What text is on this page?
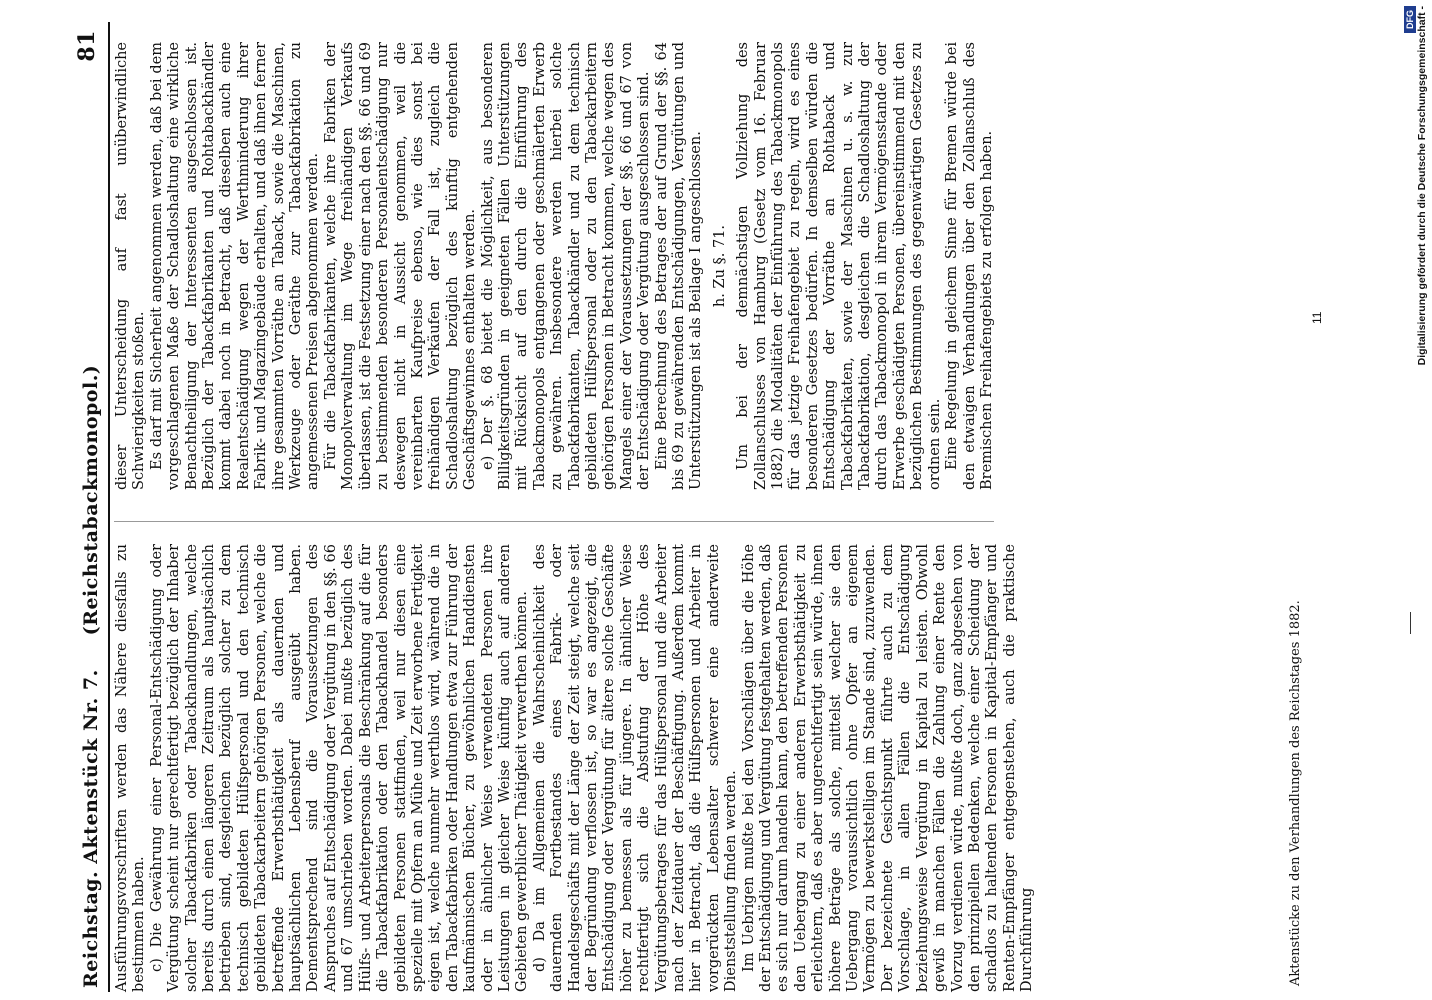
Reichstag. Aktenstück Nr. 7.
(Reichstabackmonopol.)
81

Ausführungsvorschriften werden das Nähere diesfalls zu bestimmen haben. c) Die Gewährung einer Personal-Entschädigung oder Vergütung scheint nur gerechtfertigt bezüglich der Inhaber solcher Tabackfabriken oder Tabackhandlungen, welche bereits durch einen längeren Zeitraum als hauptsächlich betrieben sind, desgleichen bezüglich solcher zu dem technisch gebildeten Hülfspersonal und den technisch gebildeten Tabackarbeitern gehörigen Personen, welche die betreffende Erwerbsthätigkeit als dauernden und hauptsächlichen Lebensberuf ausgeübt haben. Dementsprechend sind die Voraussetzungen des Anspruches auf Entschädigung oder Vergütung in den §§. 66 und 67 umschrieben worden. Dabei mußte bezüglich des Hülfs- und Arbeiterpersonals die Beschränkung auf die für die Tabackfabrikation oder den Tabackhandel besonders gebildeten Personen stattfinden, weil nur diesen eine spezielle mit Opfern an Mühe und Zeit erworbene Fertigkeit eigen ist, welche nunmehr werthlos wird, während die in den Tabackfabriken oder Handlungen etwa zur Führung der kaufmännischen Bücher, zu gewöhnlichen Handdiensten oder in ähnlicher Weise verwendeten Personen ihre Leistungen in gleicher Weise künftig auch auf anderen Gebieten gewerblicher Thätigkeit verwerthen können. d) Da im Allgemeinen die Wahrscheinlichkeit des dauernden Fortbestandes eines Fabrik- oder Handelsgeschäfts mit der Länge der Zeit steigt, welche seit der Begründung verflossen ist, so war es angezeigt, die Entschädigung oder Vergütung für ältere solche Geschäfte höher zu bemessen als für jüngere. In ähnlicher Weise rechtfertigt sich die Abstufung der Höhe des Vergütungsbetrages für das Hülfspersonal und die Arbeiter nach der Zeitdauer der Beschäftigung. Außerdem kommt hier in Betracht, daß die Hülfspersonen und Arbeiter in vorgerückten Lebensalter schwerer eine anderweite Dienststellung finden werden. Im Uebrigen mußte bei den Vorschlägen über die Höhe der Entschädigung und Vergütung festgehalten werden, daß es sich nur darum handeln kann, den betreffenden Personen den Uebergang zu einer anderen Erwerbsthätigkeit zu erleichtern, daß es aber ungerechtfertigt sein würde, ihnen höhere Beträge als solche, mittelst welcher sie den Uebergang voraussichtlich ohne Opfer an eigenem Vermögen zu bewerkstelligen im Stande sind, zuzuwenden. Der bezeichnete Gesichtspunkt führte auch zu dem Vorschlage, in allen Fällen die Entschädigung beziehungsweise Vergütung in Kapital zu leisten. Obwohl gewiß in manchen Fällen die Zahlung einer Rente den Vorzug verdienen würde, mußte doch, ganz abgesehen von den prinzipiellen Bedenken, welche einer Scheidung der schadlos zu haltenden Personen in Kapital-Empfänger und Renten-Empfänger entgegenstehen, auch die praktische Durchführung

dieser Unterscheidung auf fast unüberwindliche Schwierigkeiten stoßen. Es darf mit Sicherheit angenommen werden, daß bei dem vorgeschlagenen Maße der Schadloshaltung eine wirkliche Benachtheiligung der Interessenten ausgeschlossen ist. Bezüglich der Tabackfabrikanten und Rohtabackhändler kommt dabei noch in Betracht, daß dieselben auch eine Realentschädigung wegen der Werthminderung ihrer Fabrik- und Magazingebäude erhalten, und daß ihnen ferner ihre gesammten Vorräthe an Taback, sowie die Maschinen, Werkzeuge oder Geräthe zur Tabackfabrikation zu angemessenen Preisen abgenommen werden. Für die Tabackfabrikanten, welche ihre Fabriken der Monopolverwaltung im Wege freihändigen Verkaufs überlassen, ist die Festsetzung einer nach den §§. 66 und 69 zu bestimmenden besonderen Personalentschädigung nur deswegen nicht in Aussicht genommen, weil die vereinbarten Kaufpreise ebenso, wie dies sonst bei freihändigen Verkäufen der Fall ist, zugleich die Schadloshaltung bezüglich des künftig entgehenden Geschäftsgewinnes enthalten werden. e) Der §. 68 bietet die Möglichkeit, aus besonderen Billigkeitsgründen in geeigneten Fällen Unterstützungen mit Rücksicht auf den durch die Einführung des Tabackmonopols entgangenen oder geschmälerten Erwerb zu gewähren. Insbesondere werden hierbei solche Tabackfabrikanten, Tabackhändler und zu dem technisch gebildeten Hülfspersonal oder zu den Tabackarbeitern gehörigen Personen in Betracht kommen, welche wegen des Mangels einer der Voraussetzungen der §§. 66 und 67 von der Entschädigung oder Vergütung ausgeschlossen sind. Eine Berechnung des Betrages der auf Grund der §§. 64 bis 69 zu gewährenden Entschädigungen, Vergütungen und Unterstützungen ist als Beilage I angeschlossen. h. Zu §. 71. Um bei der demnächstigen Vollziehung des Zollanschlusses von Hamburg (Gesetz vom 16. Februar 1882) die Modalitäten der Einführung des Tabackmonopols für das jetzige Freihafengebiet zu regeln, wird es eines besonderen Gesetzes bedürfen. In demselben würden die Entschädigung der Vorräthe an Rohtaback und Tabackfabrikaten, sowie der Maschinen u. s. w. zur Tabackfabrikation, desgleichen die Schadloshaltung der durch das Tabackmonopol in ihrem Vermögensstande oder Erwerbe geschädigten Personen, übereinstimmend mit den bezüglichen Bestimmungen des gegenwärtigen Gesetzes zu ordnen sein. Eine Regelung in gleichem Sinne für Bremen würde bei den etwaigen Verhandlungen über den Zollanschluß des Bremischen Freihafengebiets zu erfolgen haben.

Aktenstücke zu den Verhandlungen des Reichstages 1882.
11
DFG Digitalisierung gefördert durch die Deutsche Forschungsgemeinschaft -
